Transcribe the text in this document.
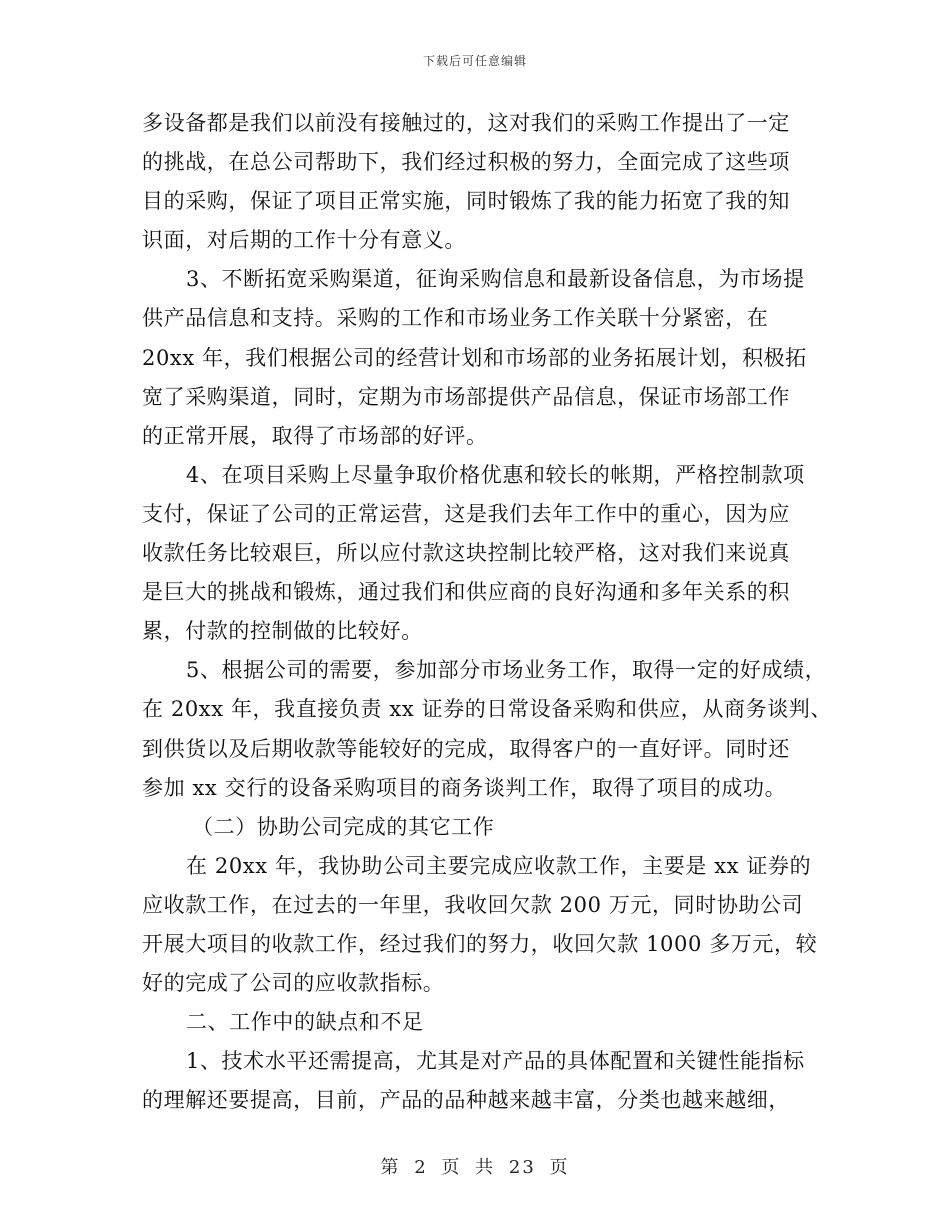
下载后可任意编辑
多设备都是我们以前没有接触过的，这对我们的采购工作提出了一定
的挑战，在总公司帮助下，我们经过积极的努力，全面完成了这些项
目的采购，保证了项目正常实施，同时锻炼了我的能力拓宽了我的知
识面，对后期的工作十分有意义。
3、不断拓宽采购渠道，征询采购信息和最新设备信息，为市场提
供产品信息和支持。采购的工作和市场业务工作关联十分紧密，在
20xx 年，我们根据公司的经营计划和市场部的业务拓展计划，积极拓
宽了采购渠道，同时，定期为市场部提供产品信息，保证市场部工作
的正常开展，取得了市场部的好评。
4、在项目采购上尽量争取价格优惠和较长的帐期，严格控制款项
支付，保证了公司的正常运营，这是我们去年工作中的重心，因为应
收款任务比较艰巨，所以应付款这块控制比较严格，这对我们来说真
是巨大的挑战和锻炼，通过我们和供应商的良好沟通和多年关系的积
累，付款的控制做的比较好。
5、根据公司的需要，参加部分市场业务工作，取得一定的好成绩，
在 20xx 年，我直接负责 xx 证券的日常设备采购和供应，从商务谈判、
到供货以及后期收款等能较好的完成，取得客户的一直好评。同时还
参加 xx 交行的设备采购项目的商务谈判工作，取得了项目的成功。
（二）协助公司完成的其它工作
在 20xx 年，我协助公司主要完成应收款工作，主要是 xx 证券的
应收款工作，在过去的一年里，我收回欠款 200 万元，同时协助公司
开展大项目的收款工作，经过我们的努力，收回欠款 1000 多万元，较
好的完成了公司的应收款指标。
二、工作中的缺点和不足
1、技术水平还需提高，尤其是对产品的具体配置和关键性能指标
的理解还要提高，目前，产品的品种越来越丰富，分类也越来越细，
第 2 页 共 23 页
